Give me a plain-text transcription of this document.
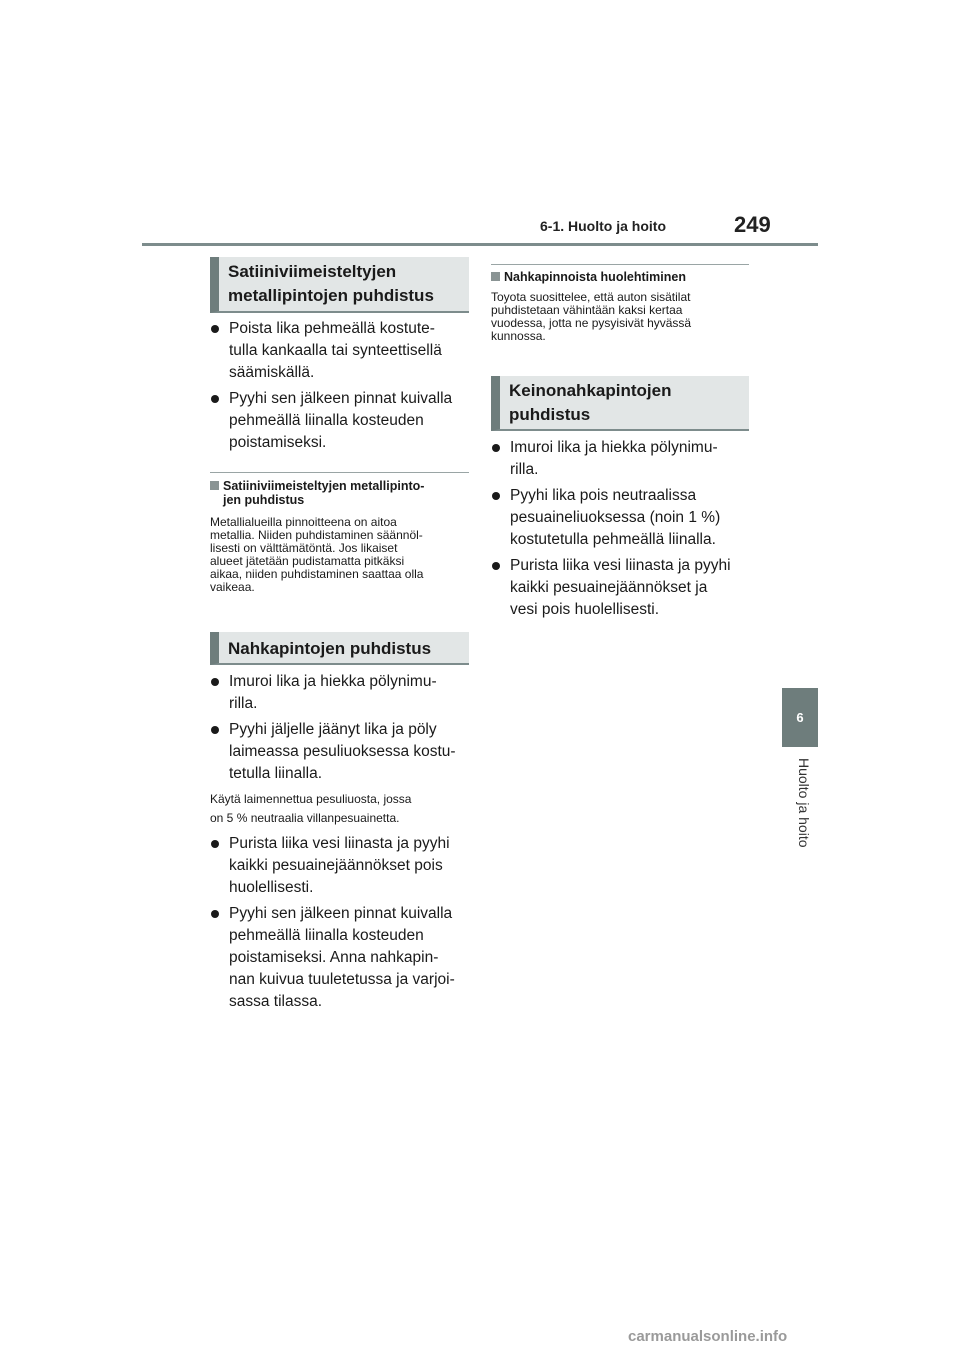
6-1. Huolto ja hoito	249
6
Huolto ja hoito
Satiiniviimeisteltyjen
metallipintojen puhdistus
Poista lika pehmeällä kostute-
tulla kankaalla tai synteettisellä
säämiskällä.
Pyyhi sen jälkeen pinnat kuivalla
pehmeällä liinalla kosteuden
poistamiseksi.
Satiiniviimeisteltyjen metallipinto-
jen puhdistus
Metallialueilla pinnoitteena on aitoa
metallia. Niiden puhdistaminen säännöl-
lisesti on välttämätöntä. Jos likaiset
alueet jätetään pudistamatta pitkäksi
aikaa, niiden puhdistaminen saattaa olla
vaikeaa.
Nahkapintojen puhdistus
Imuroi lika ja hiekka pölynimu-
rilla.
Pyyhi jäljelle jäänyt lika ja pöly
laimeassa pesuliuoksessa kostu-
tetulla liinalla.
Käytä laimennettua pesuliuosta, jossa
on 5 % neutraalia villanpesuainetta.
Purista liika vesi liinasta ja pyyhi
kaikki pesuainejäännökset pois
huolellisesti.
Pyyhi sen jälkeen pinnat kuivalla
pehmeällä liinalla kosteuden
poistamiseksi. Anna nahkapin-
nan kuivua tuuletetussa ja varjoi-
sassa tilassa.
Nahkapinnoista huolehtiminen
Toyota suosittelee, että auton sisätilat
puhdistetaan vähintään kaksi kertaa
vuodessa, jotta ne pysyisivät hyvässä
kunnossa.
Keinonahkapintojen
puhdistus
Imuroi lika ja hiekka pölynimu-
rilla.
Pyyhi lika pois neutraalissa
pesuaineliuoksessa (noin 1 %)
kostutetulla pehmeällä liinalla.
Purista liika vesi liinasta ja pyyhi
kaikki pesuainejäännökset ja
vesi pois huolellisesti.
carmanualsonline.info
